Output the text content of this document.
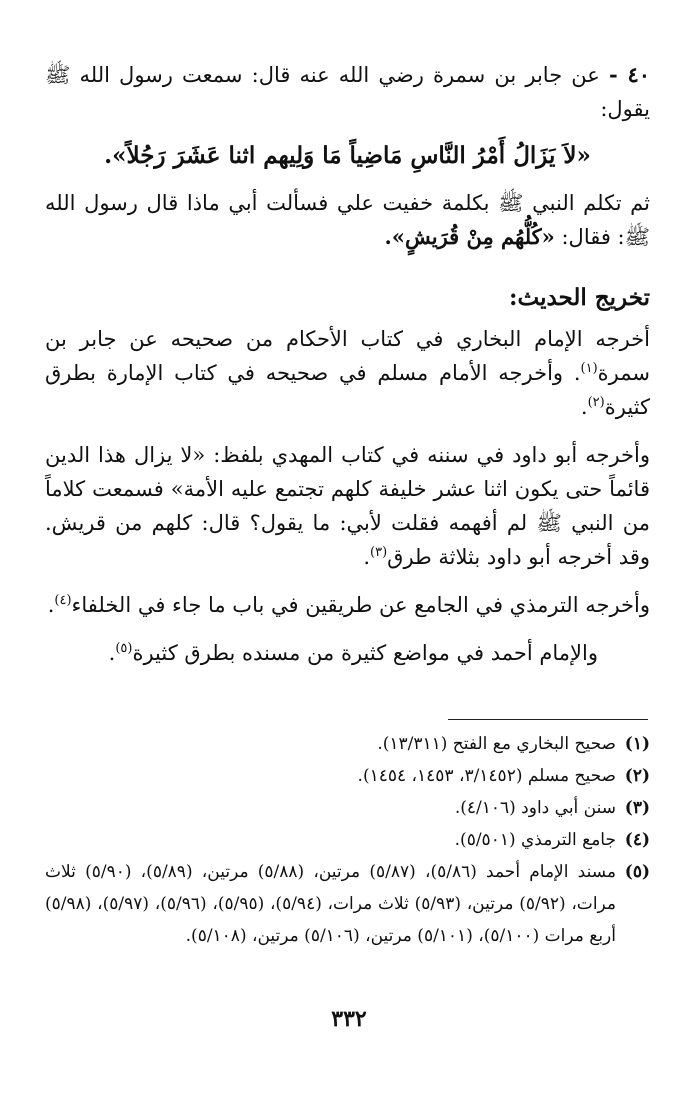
٤٠ - عن جابر بن سمرة رضي الله عنه قال: سمعت رسول الله ﷺ يقول:

«لاَ يَزَالُ أَمْرُ النَّاسِ مَاضِياً مَا وَلِيهم اثنا عَشَرَ رَجُلاً».

ثم تكلم النبي ﷺ بكلمة خفيت علي فسألت أبي ماذا قال رسول الله ﷺ: فقال: «كُلُّهُم مِنْ قُرَيشٍ».

تخريج الحديث:

أخرجه الإمام البخاري في كتاب الأحكام من صحيحه عن جابر بن سمرة$^{(١)}$. وأخرجه الأمام مسلم في صحيحه في كتاب الإمارة بطرق كثيرة$^{(٢)}$.

وأخرجه أبو داود في سننه في كتاب المهدي بلفظ: «لا يزال هذا الدين قائماً حتى يكون اثنا عشر خليفة كلهم تجتمع عليه الأمة» فسمعت كلاماً من النبي ﷺ لم أفهمه فقلت لأبي: ما يقول؟ قال: كلهم من قريش. وقد أخرجه أبو داود بثلاثة طرق$^{(٣)}$.

وأخرجه الترمذي في الجامع عن طريقين في باب ما جاء في الخلفاء$^{(٤)}$.

والإمام أحمد في مواضع كثيرة من مسنده بطرق كثيرة$^{(٥)}$.

(١)
صحيح البخاري مع الفتح (١٣/٣١١).
(٢)
صحيح مسلم (٣/١٤٥٢، ١٤٥٣، ١٤٥٤).
(٣)
سنن أبي داود (٤/١٠٦).
(٤)
جامع الترمذي (٥/٥٠١).
(٥)
مسند الإمام أحمد (٥/٨٦)، (٥/٨٧) مرتين، (٥/٨٨) مرتين، (٥/٨٩)، (٥/٩٠) ثلاث مرات، (٥/٩٢) مرتين، (٥/٩٣) ثلاث مرات، (٥/٩٤)، (٥/٩٥)، (٥/٩٦)، (٥/٩٧)، (٥/٩٨) أربع مرات (٥/١٠٠)، (٥/١٠١) مرتين، (٥/١٠٦) مرتين، (٥/١٠٨).
٣٣٢
